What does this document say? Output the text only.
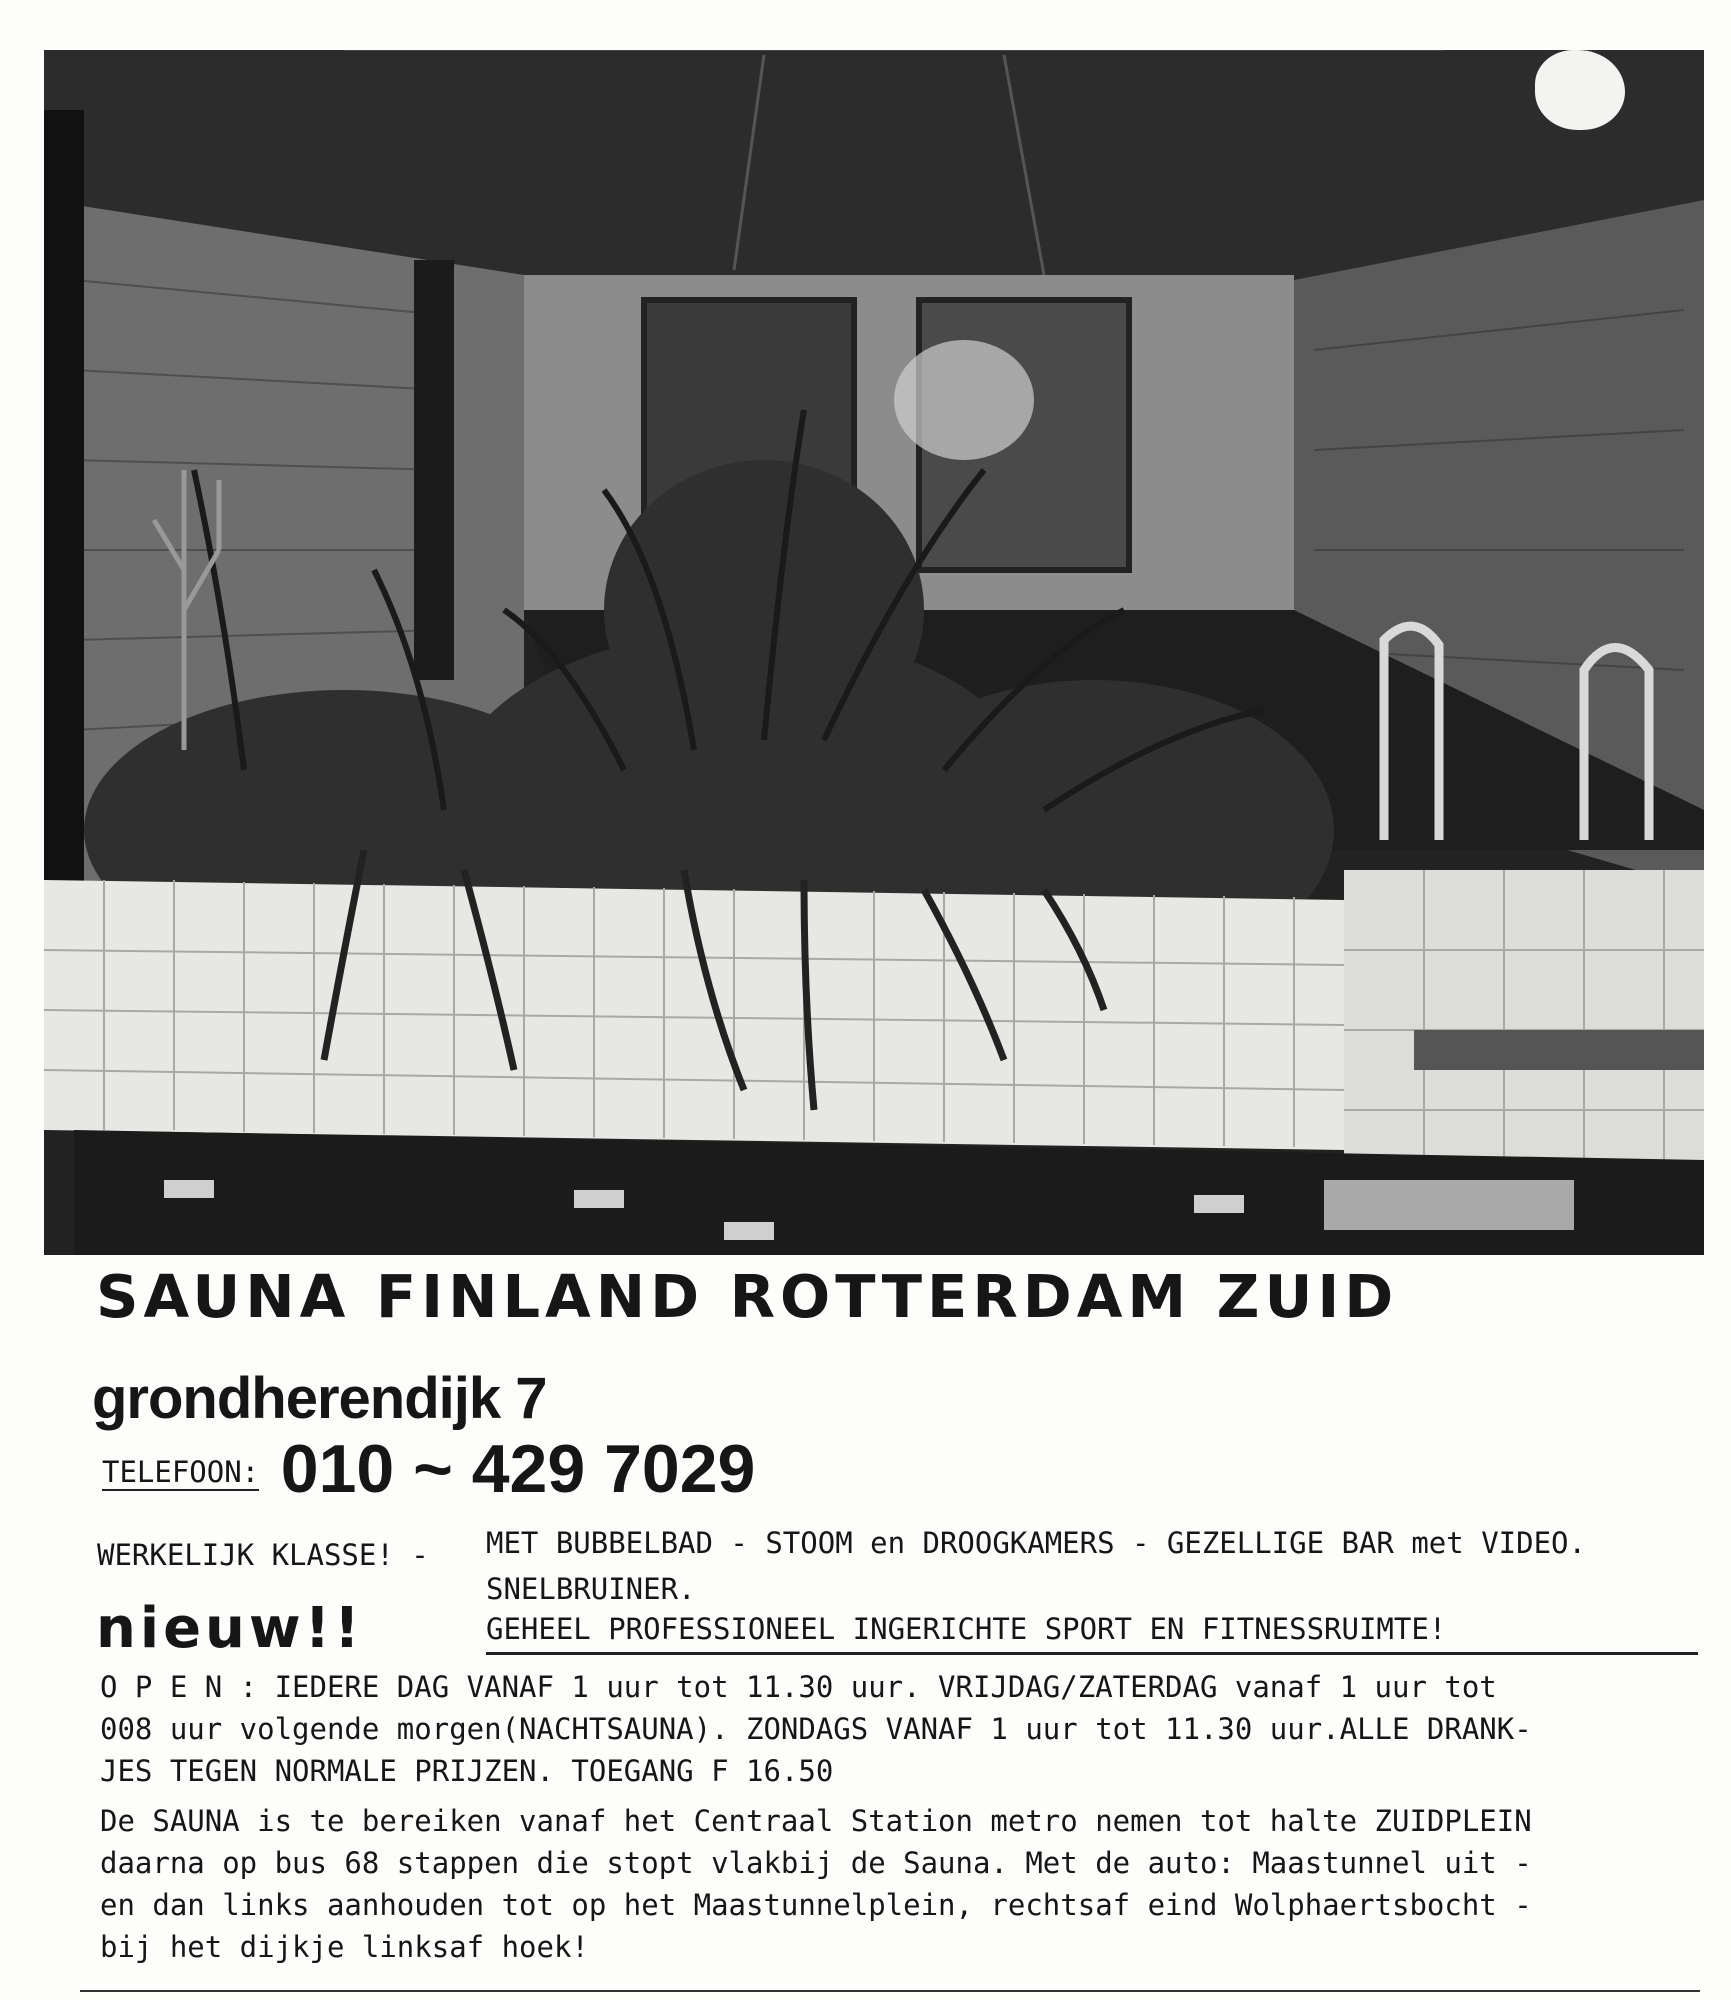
SAUNA FINLAND ROTTERDAM ZUID
grondherendijk 7
TELEFOON: 010 ~ 429 7029
WERKELIJK KLASSE! - MET BUBBELBAD - STOOM en DROOGKAMERS - GEZELLIGE BAR met VIDEO.
SNELBRUINER.
nieuw!!	GEHEEL PROFESSIONEEL INGERICHTE SPORT EN FITNESSRUIMTE!
O P E N : IEDERE DAG VANAF 1 uur tot 11.30 uur. VRIJDAG/ZATERDAG vanaf 1 uur tot
008 uur volgende morgen(NACHTSAUNA). ZONDAGS VANAF 1 uur tot 11.30 uur.ALLE DRANK-
JES TEGEN NORMALE PRIJZEN. TOEGANG F 16.50
De SAUNA is te bereiken vanaf het Centraal Station metro nemen tot halte ZUIDPLEIN
daarna op bus 68 stappen die stopt vlakbij de Sauna. Met de auto: Maastunnel uit -
en dan links aanhouden tot op het Maastunnelplein, rechtsaf eind Wolphaertsbocht -
bij het dijkje linksaf hoek!
